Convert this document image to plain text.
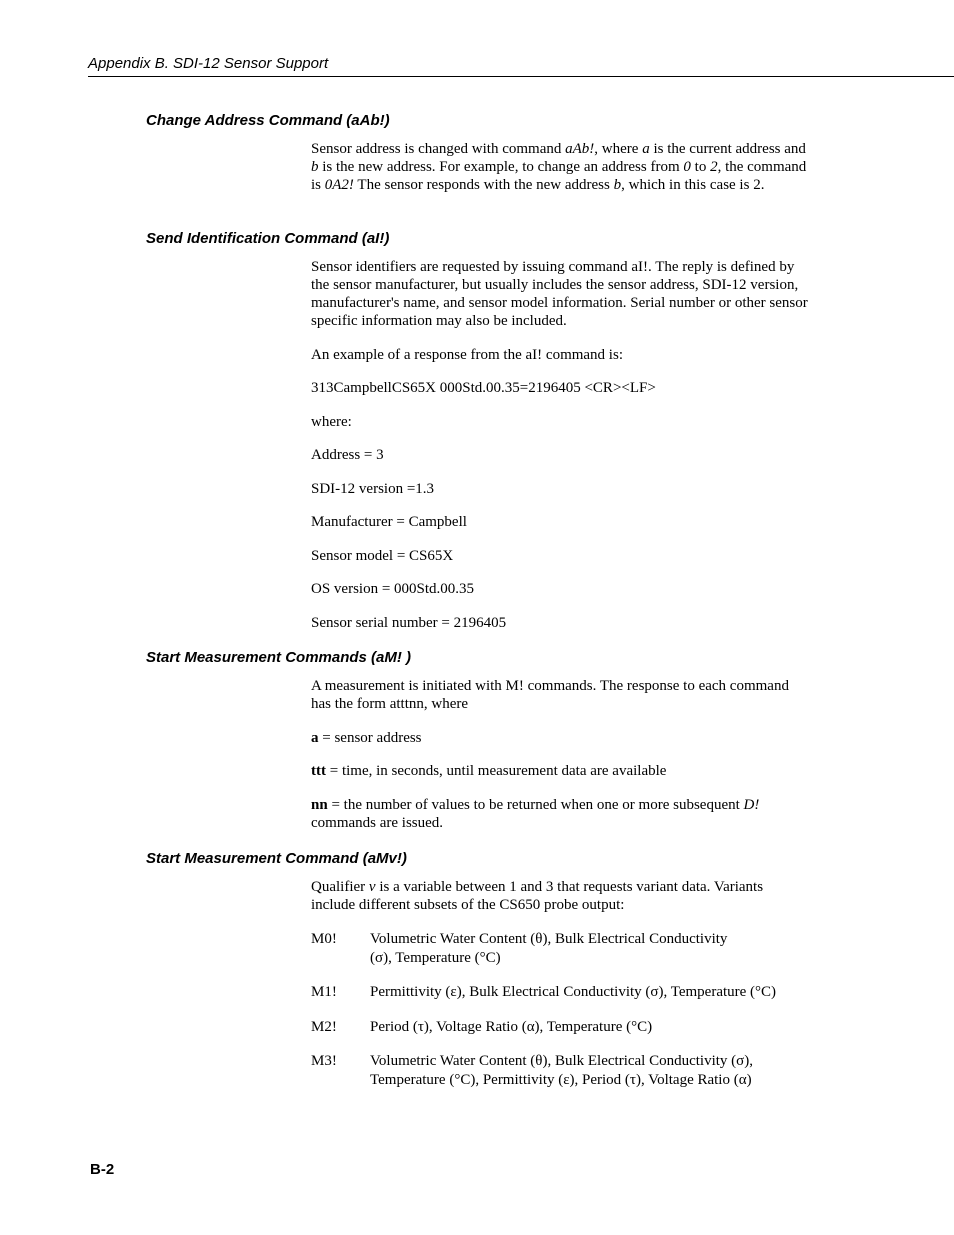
Appendix B. SDI-12 Sensor Support
Change Address Command (aAb!)

Sensor address is changed with command aAb!, where a is the current address and b is the new address. For example, to change an address from 0 to 2, the command is 0A2! The sensor responds with the new address b, which in this case is 2.

Send Identification Command (aI!)

Sensor identifiers are requested by issuing command aI!. The reply is defined by the sensor manufacturer, but usually includes the sensor address, SDI-12 version, manufacturer's name, and sensor model information. Serial number or other sensor specific information may also be included.

An example of a response from the aI! command is:

313CampbellCS65X 000Std.00.35=2196405 <CR><LF>

where:

Address = 3

SDI-12 version =1.3

Manufacturer = Campbell

Sensor model = CS65X

OS version = 000Std.00.35

Sensor serial number = 2196405

Start Measurement Commands (aM! )

A measurement is initiated with M! commands. The response to each command has the form atttnn, where

a = sensor address

ttt = time, in seconds, until measurement data are available

nn = the number of values to be returned when one or more subsequent D! commands are issued.

Start Measurement Command (aMv!)

Qualifier v is a variable between 1 and 3 that requests variant data. Variants include different subsets of the CS650 probe output:

M0!	Volumetric Water Content (θ), Bulk Electrical Conductivity (σ), Temperature (°C)
M1!	Permittivity (ε), Bulk Electrical Conductivity (σ), Temperature (°C)
M2!	Period (τ), Voltage Ratio (α), Temperature (°C)
M3!	Volumetric Water Content (θ), Bulk Electrical Conductivity (σ), Temperature (°C), Permittivity (ε), Period (τ), Voltage Ratio (α)
B-2
